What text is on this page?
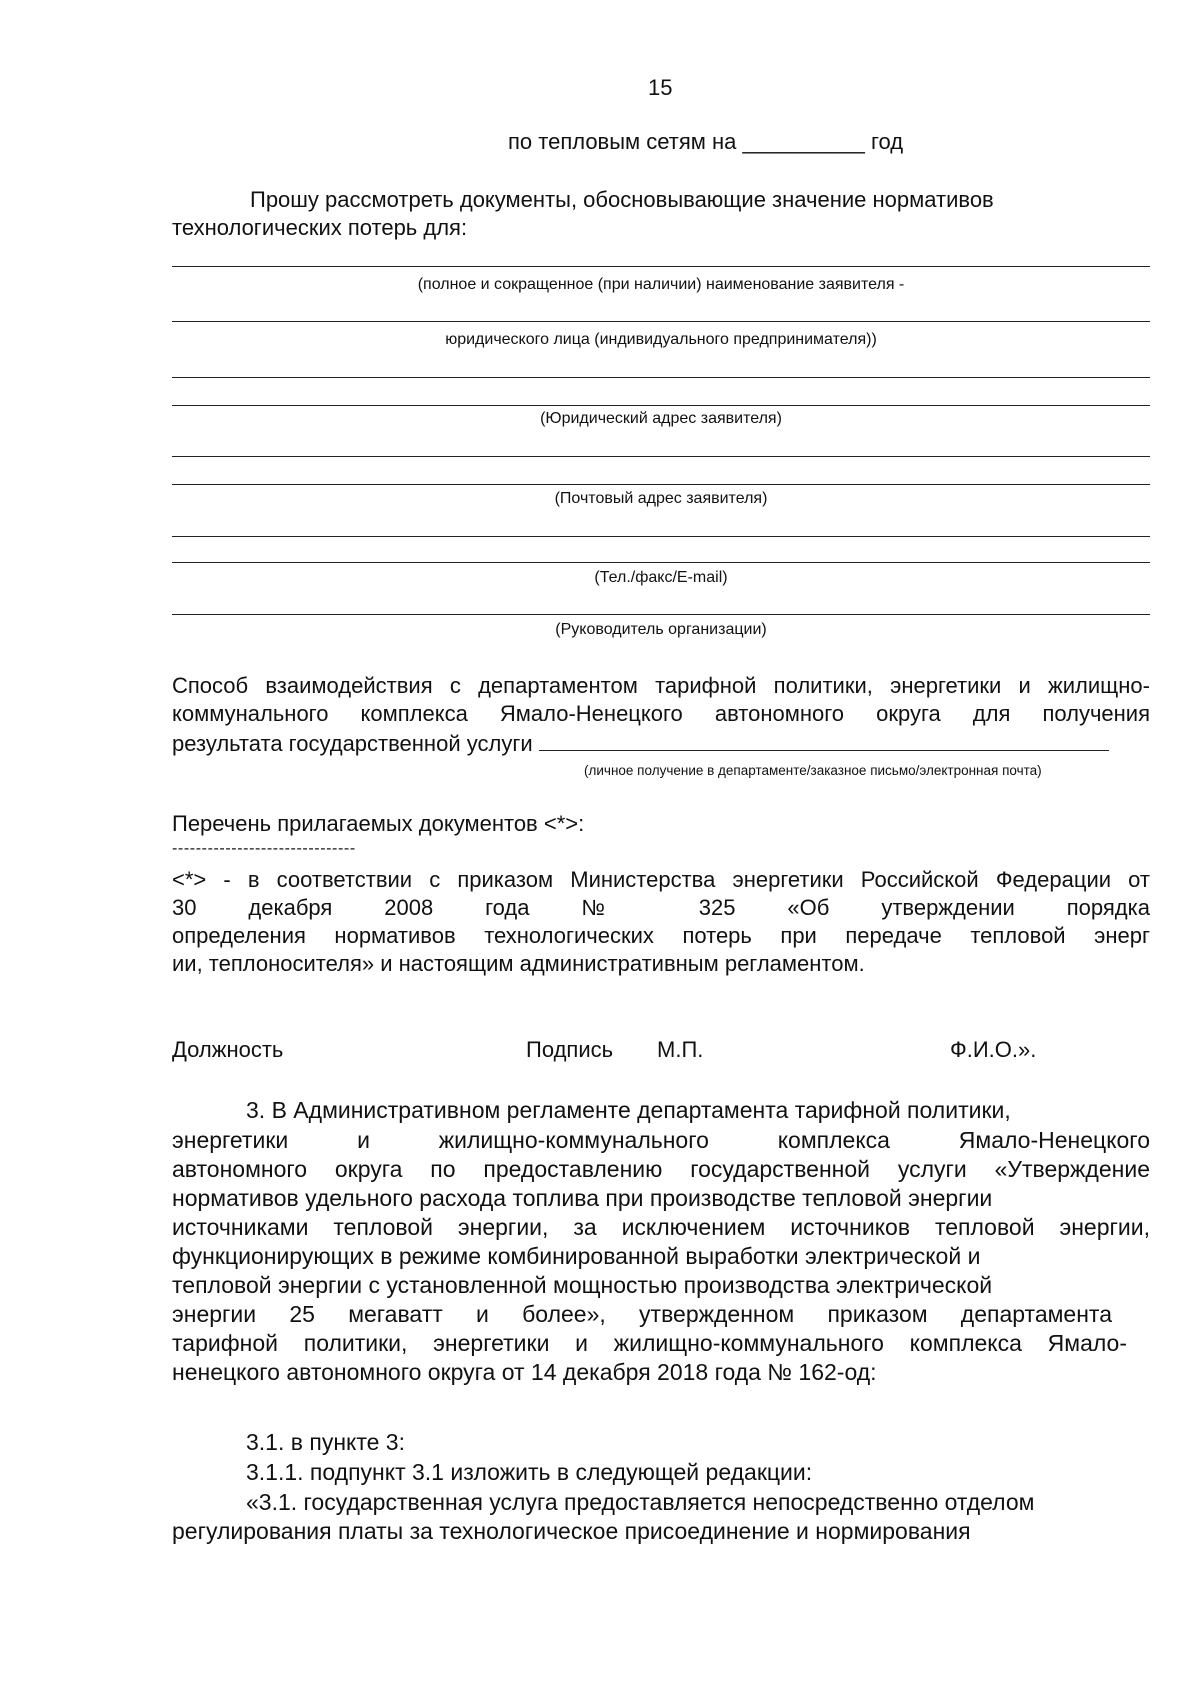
15
по тепловым сетям на __________ год
Прошу рассмотреть документы, обосновывающие значение нормативов
технологических потерь для:
(полное и сокращенное (при наличии) наименование заявителя -
юридического лица (индивидуального предпринимателя))
(Юридический адрес заявителя)
(Почтовый адрес заявителя)
(Тел./факс/E-mail)
(Руководитель организации)
Способ взаимодействия с департаментом тарифной политики, энергетики и жилищно-
коммунального комплекса Ямало-Ненецкого автономного округа для получения
результата государственной услуги
(личное получение в департаменте/заказное письмо/электронная почта)
Перечень прилагаемых документов <*>:
-------------------------------
<*> - в соответствии с приказом Министерства энергетики Российской Федерации от
30 декабря 2008 года № 325 «Об утверждении порядка
определения нормативов технологических потерь при передаче тепловой энерг
ии, теплоносителя» и настоящим административным регламентом.
Должность	Подпись М.П.	Ф.И.О.».
3. В Административном регламенте департамента тарифной политики,
энергетики и жилищно-коммунального комплекса Ямало-Ненецкого
автономного округа по предоставлению государственной услуги «Утверждение
нормативов удельного расхода топлива при производстве тепловой энергии
источниками тепловой энергии, за исключением источников тепловой энергии,
функционирующих в режиме комбинированной выработки электрической и
тепловой энергии с установленной мощностью производства электрической
энергии 25 мегаватт и более», утвержденном приказом департамента
тарифной политики, энергетики и жилищно-коммунального комплекса Ямало-
ненецкого автономного округа от 14 декабря 2018 года № 162-од:
3.1. в пункте 3:
3.1.1. подпункт 3.1 изложить в следующей редакции:
«3.1. государственная услуга предоставляется непосредственно отделом
регулирования платы за технологическое присоединение и нормирования
